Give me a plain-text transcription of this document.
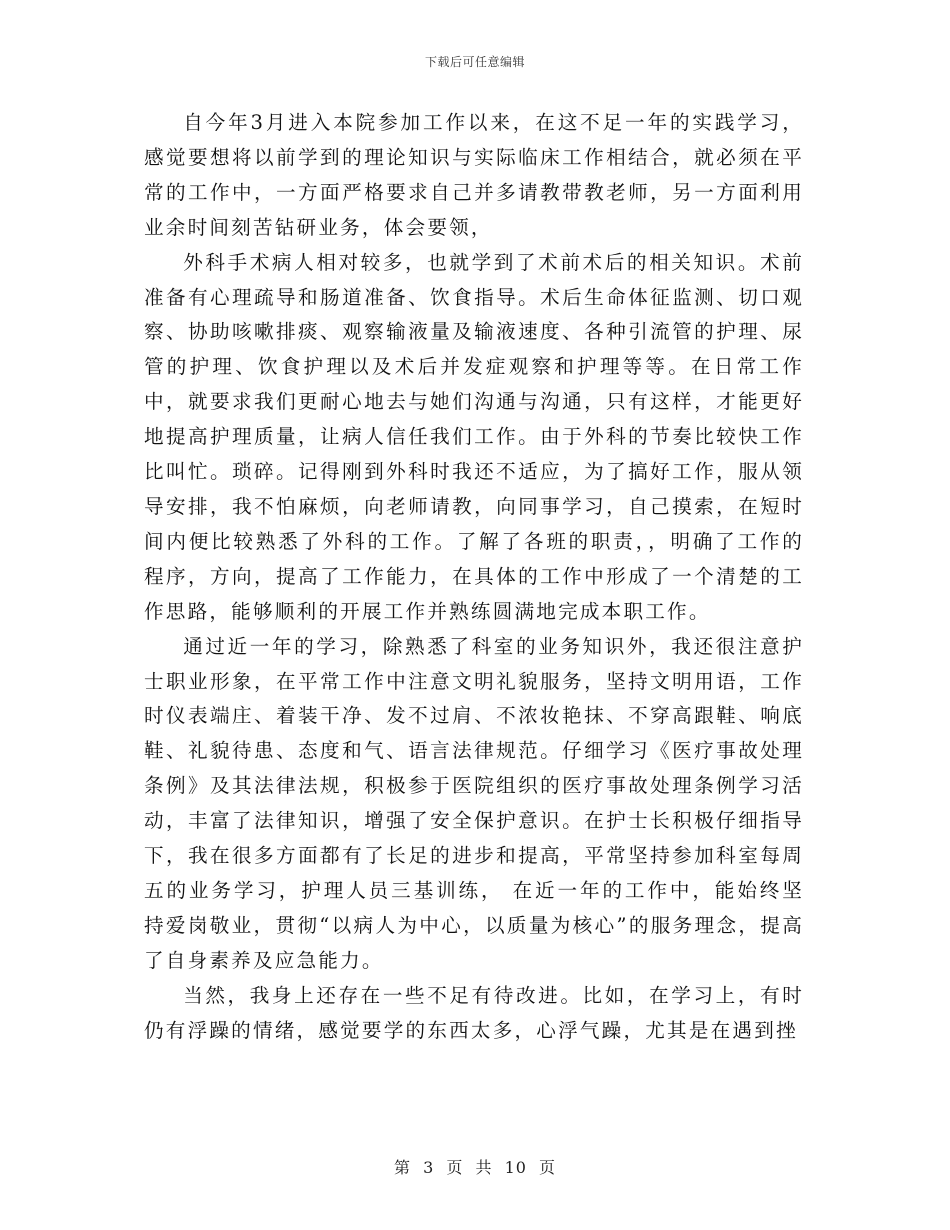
下载后可任意编辑

自今年3月进入本院参加工作以来，在这不足一年的实践学习，感觉要想将以前学到的理论知识与实际临床工作相结合，就必须在平常的工作中，一方面严格要求自己并多请教带教老师，另一方面利用业余时间刻苦钻研业务，体会要领，

外科手术病人相对较多，也就学到了术前术后的相关知识。术前准备有心理疏导和肠道准备、饮食指导。术后生命体征监测、切口观察、协助咳嗽排痰、观察输液量及输液速度、各种引流管的护理、尿管的护理、饮食护理以及术后并发症观察和护理等等。在日常工作中，就要求我们更耐心地去与她们沟通与沟通，只有这样，才能更好地提高护理质量，让病人信任我们工作。由于外科的节奏比较快工作比叫忙。琐碎。记得刚到外科时我还不适应，为了搞好工作，服从领导安排，我不怕麻烦，向老师请教，向同事学习，自己摸索，在短时间内便比较熟悉了外科的工作。了解了各班的职责，，明确了工作的程序，方向，提高了工作能力，在具体的工作中形成了一个清楚的工作思路，能够顺利的开展工作并熟练圆满地完成本职工作。

通过近一年的学习，除熟悉了科室的业务知识外，我还很注意护士职业形象，在平常工作中注意文明礼貌服务，坚持文明用语，工作时仪表端庄、着装干净、发不过肩、不浓妆艳抹、不穿高跟鞋、响底鞋、礼貌待患、态度和气、语言法律规范。仔细学习《医疗事故处理条例》及其法律法规，积极参于医院组织的医疗事故处理条例学习活动，丰富了法律知识，增强了安全保护意识。在护士长积极仔细指导下，我在很多方面都有了长足的进步和提高，平常坚持参加科室每周五的业务学习，护理人员三基训练， 在近一年的工作中，能始终坚持爱岗敬业，贯彻“以病人为中心，以质量为核心”的服务理念，提高了自身素养及应急能力。

当然，我身上还存在一些不足有待改进。比如，在学习上，有时仍有浮躁的情绪，感觉要学的东西太多，心浮气躁，尤其是在遇到挫

第 3 页 共 10 页
